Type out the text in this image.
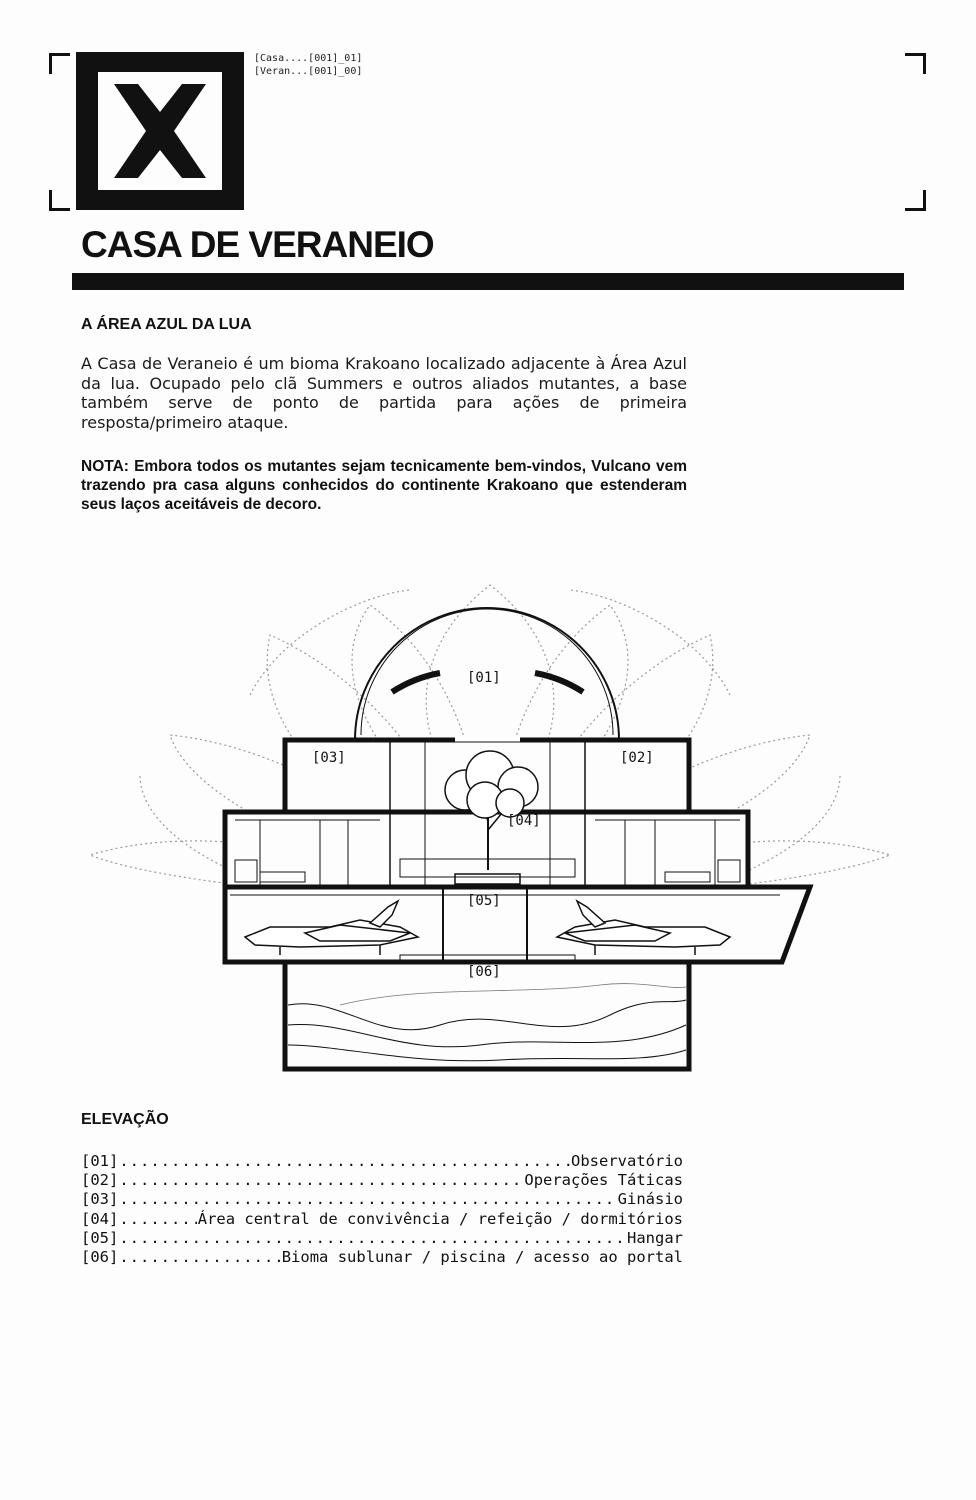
[Casa....[001]_01]
[Veran...[001]_00]
CASA DE VERANEIO
A ÁREA AZUL DA LUA

A Casa de Veraneio é um bioma Krakoano localizado adjacente à Área Azul da lua. Ocupado pelo clã Summers e outros aliados mutantes, a base também serve de ponto de partida para ações de primeira resposta/primeiro ataque.

NOTA: Embora todos os mutantes sejam tecnicamente bem-vindos, Vulcano vem trazendo pra casa alguns conhecidos do continente Krakoano que estenderam seus laços aceitáveis de decoro.

[01]
[02]
[03]
[04]
[05]
[06]
ELEVAÇÃO
[01] .....	Observatório
[02] .....	Operações Táticas
[03] .....	Ginásio
[04] .....	Área central de convivência / refeição / dormitórios
[05] .....	Hangar
[06] .....	Bioma sublunar / piscina / acesso ao portal
